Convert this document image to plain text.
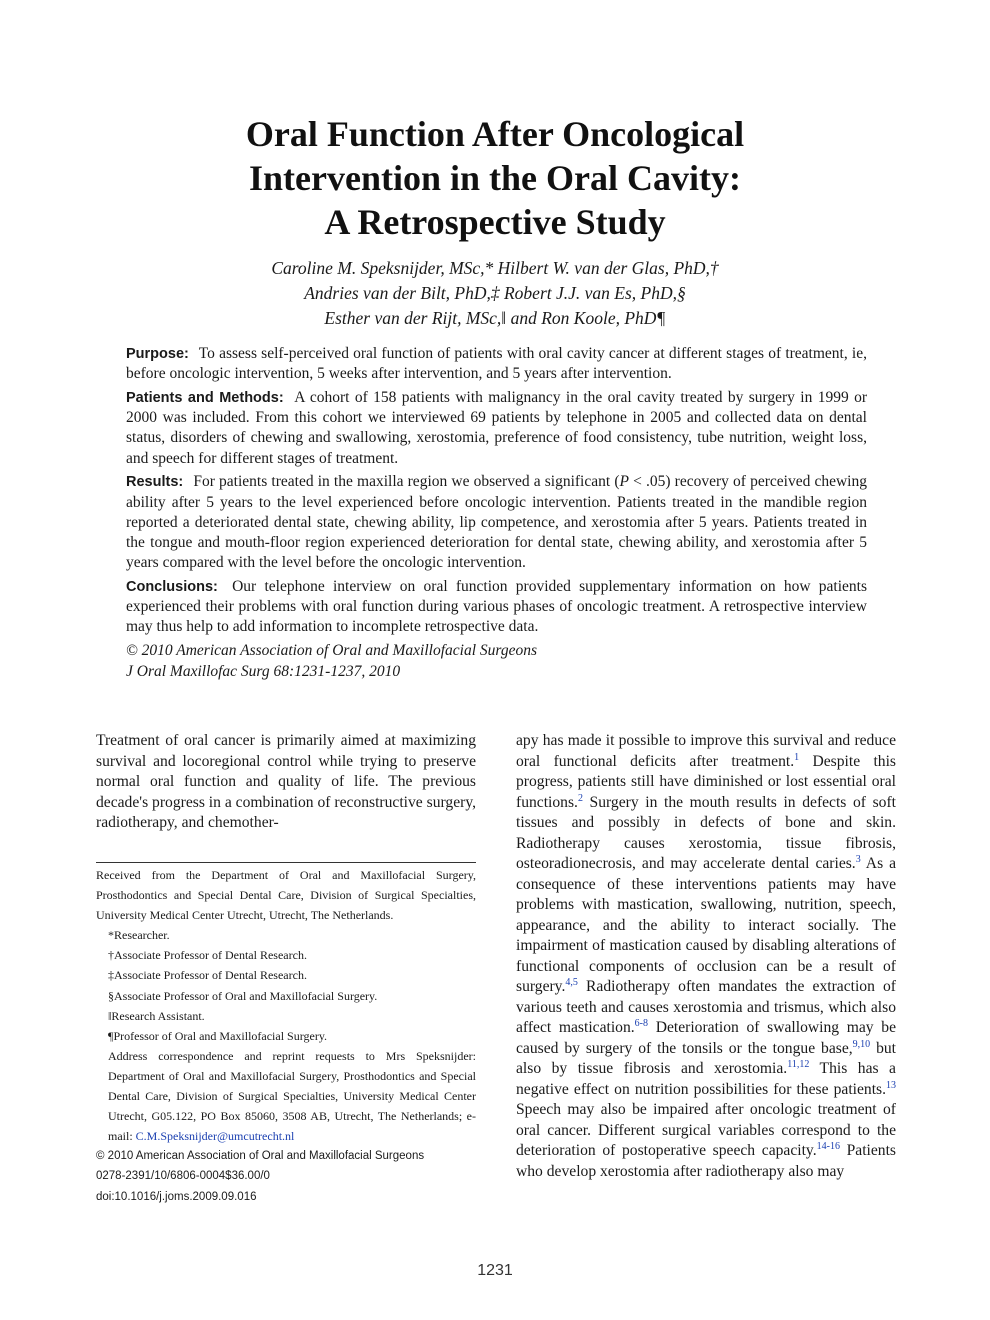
Oral Function After Oncological
Intervention in the Oral Cavity:
A Retrospective Study
Caroline M. Speksnijder, MSc,* Hilbert W. van der Glas, PhD,†
Andries van der Bilt, PhD,‡ Robert J.J. van Es, PhD,§
Esther van der Rijt, MSc,‖ and Ron Koole, PhD¶

Purpose: To assess self-perceived oral function of patients with oral cavity cancer at different stages of treatment, ie, before oncologic intervention, 5 weeks after intervention, and 5 years after intervention.

Patients and Methods: A cohort of 158 patients with malignancy in the oral cavity treated by surgery in 1999 or 2000 was included. From this cohort we interviewed 69 patients by telephone in 2005 and collected data on dental status, disorders of chewing and swallowing, xerostomia, preference of food consistency, tube nutrition, weight loss, and speech for different stages of treatment.

Results: For patients treated in the maxilla region we observed a significant (P < .05) recovery of perceived chewing ability after 5 years to the level experienced before oncologic intervention. Patients treated in the mandible region reported a deteriorated dental state, chewing ability, lip competence, and xerostomia after 5 years. Patients treated in the tongue and mouth-floor region experienced deterioration for dental state, chewing ability, and xerostomia after 5 years compared with the level before the oncologic intervention.

Conclusions: Our telephone interview on oral function provided supplementary information on how patients experienced their problems with oral function during various phases of oncologic treatment. A retrospective interview may thus help to add information to incomplete retrospective data.

© 2010 American Association of Oral and Maxillofacial Surgeons

J Oral Maxillofac Surg 68:1231-1237, 2010

Treatment of oral cancer is primarily aimed at maximizing survival and locoregional control while trying to preserve normal oral function and quality of life. The previous decade's progress in a combination of reconstructive surgery, radiotherapy, and chemother-

Received from the Department of Oral and Maxillofacial Surgery, Prosthodontics and Special Dental Care, Division of Surgical Specialties, University Medical Center Utrecht, Utrecht, The Netherlands.

*Researcher.

†Associate Professor of Dental Research.

‡Associate Professor of Dental Research.

§Associate Professor of Oral and Maxillofacial Surgery.

‖Research Assistant.

¶Professor of Oral and Maxillofacial Surgery.

Address correspondence and reprint requests to Mrs Speksnijder: Department of Oral and Maxillofacial Surgery, Prosthodontics and Special Dental Care, Division of Surgical Specialties, University Medical Center Utrecht, G05.122, PO Box 85060, 3508 AB, Utrecht, The Netherlands; e-mail: C.M.Speksnijder@umcutrecht.nl

© 2010 American Association of Oral and Maxillofacial Surgeons

0278-2391/10/6806-0004$36.00/0

doi:10.1016/j.joms.2009.09.016

apy has made it possible to improve this survival and reduce oral functional deficits after treatment.$^1$ Despite this progress, patients still have diminished or lost essential oral functions.$^2$ Surgery in the mouth results in defects of soft tissues and possibly in defects of bone and skin. Radiotherapy causes xerostomia, tissue fibrosis, osteoradionecrosis, and may accelerate dental caries.$^3$ As a consequence of these interventions patients may have problems with mastication, swallowing, nutrition, speech, appearance, and the ability to interact socially. The impairment of mastication caused by disabling alterations of functional components of occlusion can be a result of surgery.$^{4,5}$ Radiotherapy often mandates the extraction of various teeth and causes xerostomia and trismus, which also affect mastication.$^{6-8}$ Deterioration of swallowing may be caused by surgery of the tonsils or the tongue base,$^{9,10}$ but also by tissue fibrosis and xerostomia.$^{11,12}$ This has a negative effect on nutrition possibilities for these patients.$^{13}$ Speech may also be impaired after oncologic treatment of oral cancer. Different surgical variables correspond to the deterioration of postoperative speech capacity.$^{14-16}$ Patients who develop xerostomia after radiotherapy also may

1231
